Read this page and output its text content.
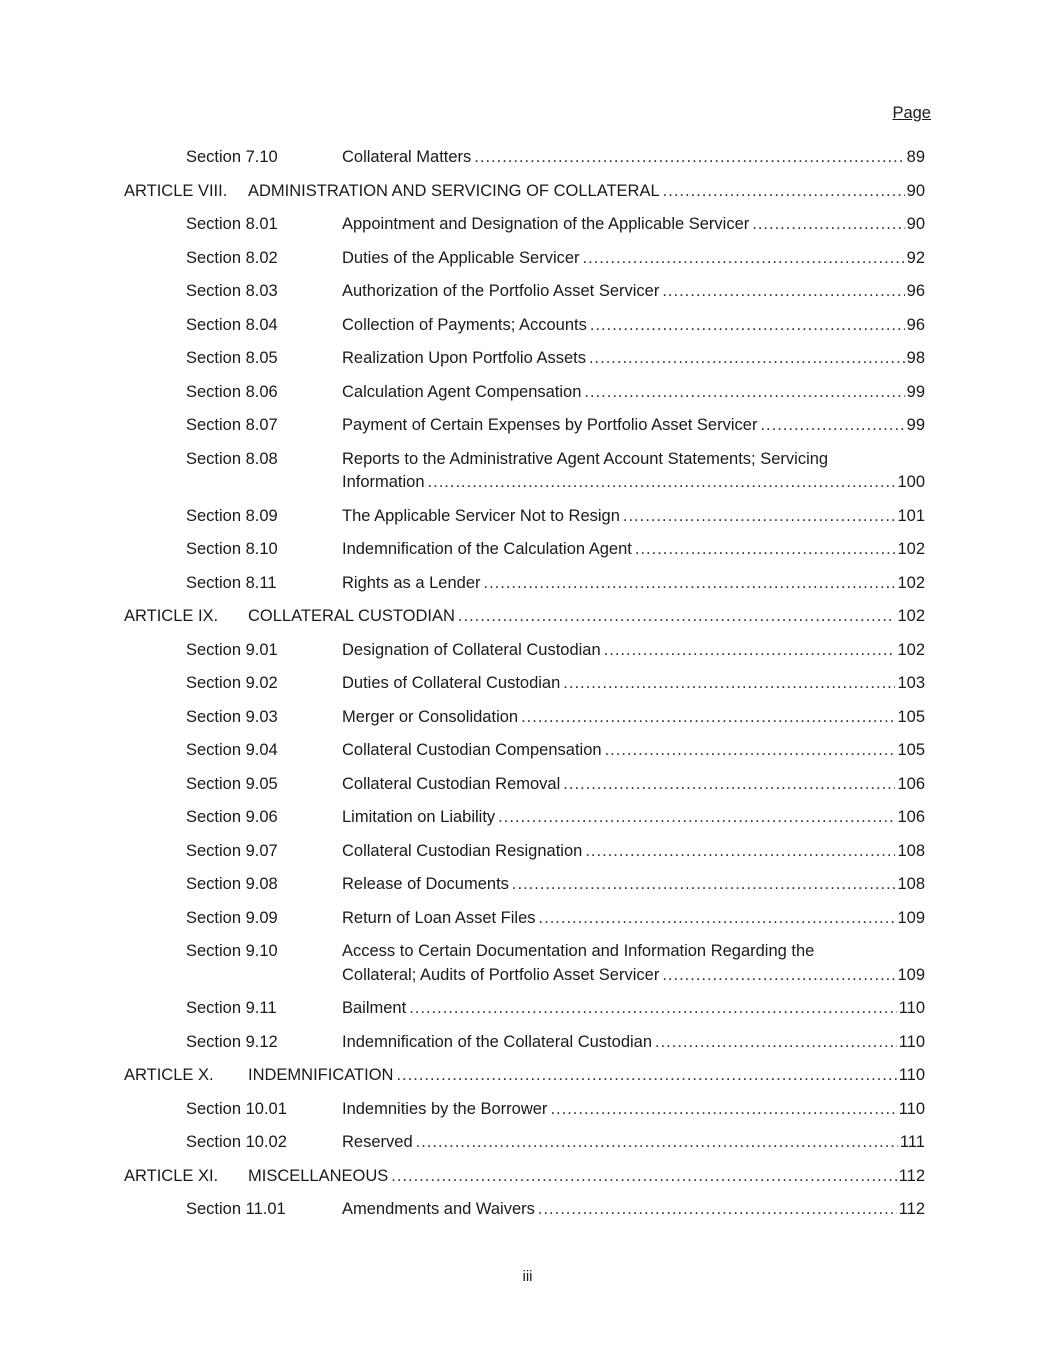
Page
Section 7.10	Collateral Matters .....	89
ARTICLE VIII. ADMINISTRATION AND SERVICING OF COLLATERAL .....	90
Section 8.01	Appointment and Designation of the Applicable Servicer .....	90
Section 8.02	Duties of the Applicable Servicer .....	92
Section 8.03	Authorization of the Portfolio Asset Servicer .....	96
Section 8.04	Collection of Payments; Accounts .....	96
Section 8.05	Realization Upon Portfolio Assets .....	98
Section 8.06	Calculation Agent Compensation .....	99
Section 8.07	Payment of Certain Expenses by Portfolio Asset Servicer .....	99
Section 8.08	Reports to the Administrative Agent Account Statements; Servicing
Information .....	100
Section 8.09	The Applicable Servicer Not to Resign .....	101
Section 8.10	Indemnification of the Calculation Agent .....	102
Section 8.11	Rights as a Lender .....	102
ARTICLE IX. COLLATERAL CUSTODIAN .....	102
Section 9.01	Designation of Collateral Custodian .....	102
Section 9.02	Duties of Collateral Custodian .....	103
Section 9.03	Merger or Consolidation .....	105
Section 9.04	Collateral Custodian Compensation .....	105
Section 9.05	Collateral Custodian Removal .....	106
Section 9.06	Limitation on Liability .....	106
Section 9.07	Collateral Custodian Resignation .....	108
Section 9.08	Release of Documents .....	108
Section 9.09	Return of Loan Asset Files .....	109
Section 9.10	Access to Certain Documentation and Information Regarding the
Collateral; Audits of Portfolio Asset Servicer .....	109
Section 9.11	Bailment .....	110
Section 9.12	Indemnification of the Collateral Custodian .....	110
ARTICLE X. INDEMNIFICATION .....	110
Section 10.01	Indemnities by the Borrower .....	110
Section 10.02	Reserved .....	111
ARTICLE XI. MISCELLANEOUS .....	112
Section 11.01	Amendments and Waivers .....	112
iii
